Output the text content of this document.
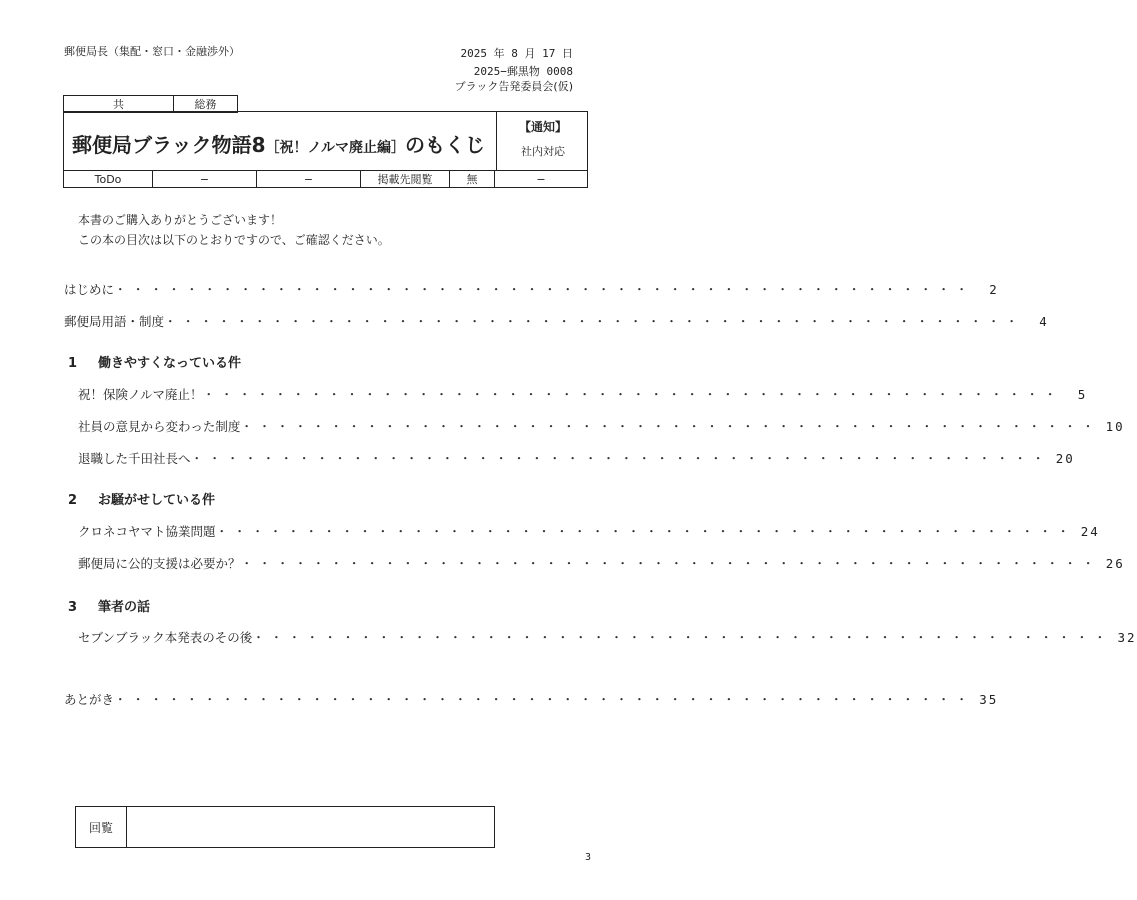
郵便局長（集配・窓口・金融渉外）	2025 年 8 月 17 日
2025−郵黒物 0008
ブラック告発委員会(仮)
共	総務
郵便局ブラック物語8［祝！ノルマ廃止編］のもくじ
【通知】
社内対応
ToDo	−	−	掲載先閲覧	無	−
本書のご購入ありがとうございます！
この本の目次は以下のとおりですので、ご確認ください。
はじめに ・・・・・・・・・・・・・・・・・・・・・・・・・・・・・・・・・・・・・・・・・・・・・・・・ 2
郵便局用語・制度 ・・・・・・・・・・・・・・・・・・・・・・・・・・・・・・・・・・・・・・・・・・・・・・・・ 4
1 働きやすくなっている件
祝！保険ノルマ廃止！ ・・・・・・・・・・・・・・・・・・・・・・・・・・・・・・・・・・・・・・・・・・・・・・・・ 5
社員の意見から変わった制度 ・・・・・・・・・・・・・・・・・・・・・・・・・・・・・・・・・・・・・・・・・・・・・・・・ 10
退職した千田社長へ ・・・・・・・・・・・・・・・・・・・・・・・・・・・・・・・・・・・・・・・・・・・・・・・・ 20
2 お騒がせしている件
クロネコヤマト協業問題 ・・・・・・・・・・・・・・・・・・・・・・・・・・・・・・・・・・・・・・・・・・・・・・・・ 24
郵便局に公的支援は必要か？ ・・・・・・・・・・・・・・・・・・・・・・・・・・・・・・・・・・・・・・・・・・・・・・・・ 26
3 筆者の話
セブンブラック本発表のその後 ・・・・・・・・・・・・・・・・・・・・・・・・・・・・・・・・・・・・・・・・・・・・・・・・ 32
あとがき ・・・・・・・・・・・・・・・・・・・・・・・・・・・・・・・・・・・・・・・・・・・・・・・・ 35
回覧
3
